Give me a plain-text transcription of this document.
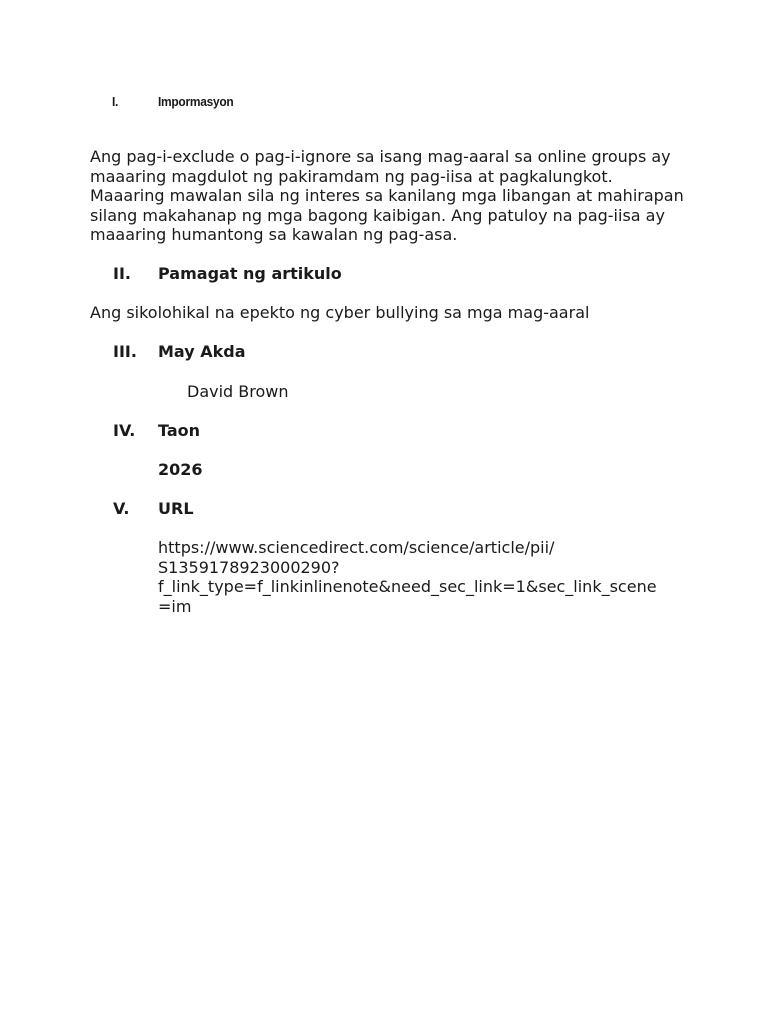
I.	Impormasyon

Ang pag-i-exclude o pag-i-ignore sa isang mag-aaral sa online groups ay maaaring magdulot ng pakiramdam ng pag-iisa at pagkalungkot. Maaaring mawalan sila ng interes sa kanilang mga libangan at mahirapan silang makahanap ng mga bagong kaibigan. Ang patuloy na pag-iisa ay maaaring humantong sa kawalan ng pag-asa.

II. Pamagat ng artikulo

Ang sikolohikal na epekto ng cyber bullying sa mga mag-aaral

III. May Akda

David Brown

IV. Taon

2026

V. URL

https://www.sciencedirect.com/science/article/pii/
S1359178923000290?
f_link_type=f_linkinlinenote&need_sec_link=1&sec_link_scene
=im
